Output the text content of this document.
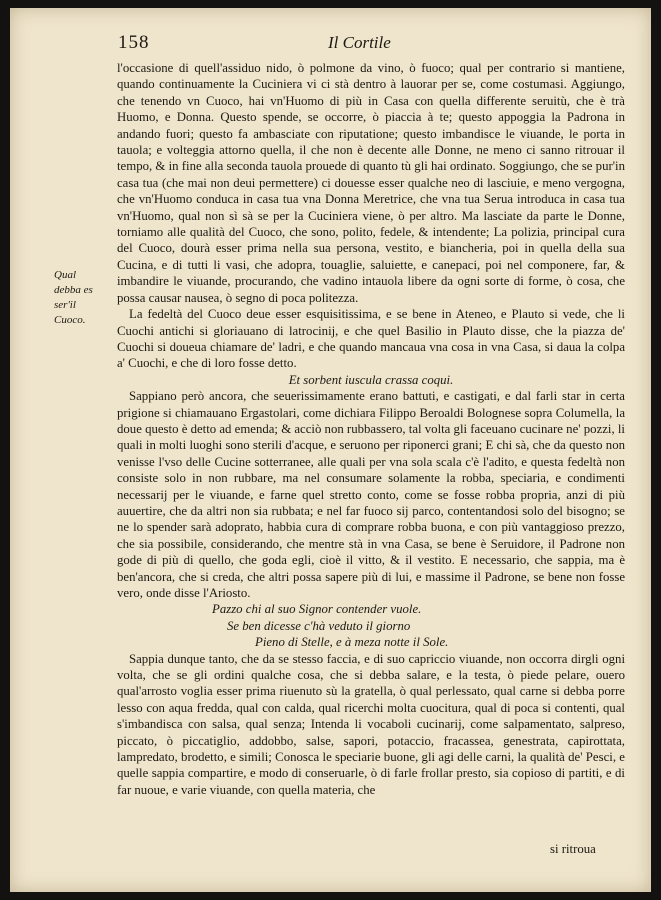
158	Il Cortile

Qual
debba es
ser'il
Cuoco.

l'occasione di quell'assiduo nido, ò polmone da vino, ò fuoco; qual per contrario si mantiene, quando continuamente la Cuciniera vi ci stà dentro à lauorar per se, come costumasi. Aggiungo, che tenendo vn Cuoco, hai vn'Huomo di più in Casa con quella differente seruitù, che è trà Huomo, e Donna. Questo spende, se occorre, ò piaccia à te; questo appoggia la Padrona in andando fuori; questo fa ambasciate con riputatione; questo imbandisce le viuande, le porta in tauola; e volteggia attorno quella, il che non è decente alle Donne, ne meno ci sanno ritrouar il tempo, & in fine alla seconda tauola prouede di quanto tù gli hai ordinato. Soggiungo, che se pur'in casa tua (che mai non deui permettere) ci douesse esser qualche neo di lasciuie, e meno vergogna, che vn'Huomo conduca in casa tua vna Donna Meretrice, che vna tua Serua introduca in casa tua vn'Huomo, qual non sì sà se per la Cuciniera viene, ò per altro. Ma lasciate da parte le Donne, torniamo alle qualità del Cuoco, che sono, polito, fedele, & intendente; La polizia, principal cura del Cuoco, dourà esser prima nella sua persona, vestito, e biancheria, poi in quella della sua Cucina, e di tutti li vasi, che adopra, touaglie, saluiette, e canepaci, poi nel componere, far, & imbandire le viuande, procurando, che vadino intauola libere da ogni sorte di forme, ò cosa, che possa causar nausea, ò segno di poca politezza.

La fedeltà del Cuoco deue esser esquisitissima, e se bene in Ateneo, e Plauto si vede, che li Cuochi antichi si gloriauano di latrocinij, e che quel Basilio in Plauto disse, che la piazza de' Cuochi si doueua chiamare de' ladri, e che quando mancaua vna cosa in vna Casa, si daua la colpa a' Cuochi, e che di loro fosse detto.

Et sorbent iuscula crassa coqui.

Sappiano però ancora, che seuerissimamente erano battuti, e castigati, e dal farli star in certa prigione si chiamauano Ergastolari, come dichiara Filippo Beroaldi Bolognese sopra Columella, la doue questo è detto ad emenda; & acciò non rubbassero, tal volta gli faceuano cucinare ne' pozzi, li quali in molti luoghi sono sterili d'acque, e seruono per riponerci grani; E chi sà, che da questo non venisse l'vso delle Cucine sotterranee, alle quali per vna sola scala c'è l'adito, e questa fedeltà non consiste solo in non rubbare, ma nel consumare solamente la robba, speciaria, e condimenti necessarij per le viuande, e farne quel stretto conto, come se fosse robba propria, anzi di più auuertire, che da altri non sia rubbata; e nel far fuoco sij parco, contentandosi solo del bisogno; se ne lo spender sarà adoprato, habbia cura di comprare robba buona, e con più vantaggioso prezzo, che sia possibile, considerando, che mentre stà in vna Casa, se bene è Seruidore, il Padrone non gode di più di quello, che goda egli, cioè il vitto, & il vestito. E necessario, che sappia, ma è ben'ancora, che si creda, che altri possa sapere più di lui, e massime il Padrone, se bene non fosse vero, onde disse l'Ariosto.

Pazzo chi al suo Signor contender vuole.
Se ben dicesse c'hà veduto il giorno
Pieno di Stelle, e à meza notte il Sole.

Sappia dunque tanto, che da se stesso faccia, e di suo capriccio viuande, non occorra dirgli ogni volta, che se gli ordini qualche cosa, che si debba salare, e la testa, ò piede pelare, ouero qual'arrosto voglia esser prima riuenuto sù la gratella, ò qual perlessato, qual carne si debba porre lesso con aqua fredda, qual con calda, qual ricerchi molta cuocitura, qual di poca si contenti, qual s'imbandisca con salsa, qual senza; Intenda li vocaboli cucinarij, come salpamentato, salpreso, piccato, ò piccatiglio, addobbo, salse, sapori, potaccio, fracassea, genestrata, capirottata, lampredato, brodetto, e simili; Conosca le speciarie buone, gli agi delle carni, la qualità de' Pesci, e quelle sappia compartire, e modo di conseruarle, ò di farle frollar presto, sia copioso di partiti, e di far nuoue, e varie viuande, con quella materia, che

si ritroua
